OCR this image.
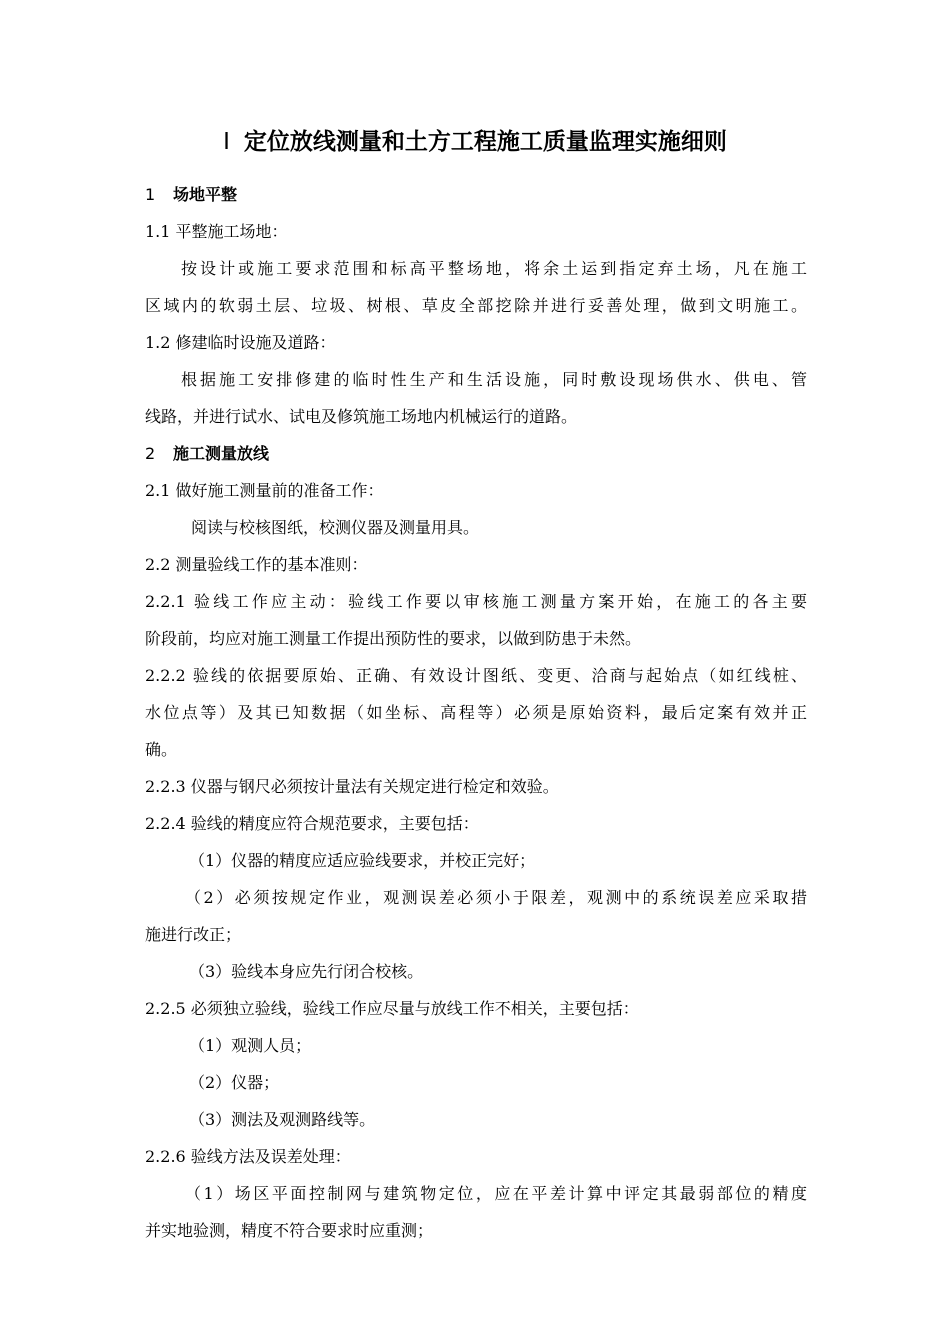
Ⅰ 定位放线测量和土方工程施工质量监理实施细则
1 场地平整
1.1 平整施工场地：
按设计或施工要求范围和标高平整场地，将余土运到指定弃土场，凡在施工
区域内的软弱土层、垃圾、树根、草皮全部挖除并进行妥善处理，做到文明施工。
1.2 修建临时设施及道路：
根据施工安排修建的临时性生产和生活设施，同时敷设现场供水、供电、管
线路，并进行试水、试电及修筑施工场地内机械运行的道路。
2 施工测量放线
2.1 做好施工测量前的准备工作：
阅读与校核图纸，校测仪器及测量用具。
2.2 测量验线工作的基本准则：
2.2.1 验线工作应主动：验线工作要以审核施工测量方案开始，在施工的各主要
阶段前，均应对施工测量工作提出预防性的要求，以做到防患于未然。
2.2.2 验线的依据要原始、正确、有效设计图纸、变更、洽商与起始点（如红线桩、
水位点等）及其已知数据（如坐标、高程等）必须是原始资料，最后定案有效并正
确。
2.2.3 仪器与钢尺必须按计量法有关规定进行检定和效验。
2.2.4 验线的精度应符合规范要求，主要包括：
（1）仪器的精度应适应验线要求，并校正完好；
（2）必须按规定作业，观测误差必须小于限差，观测中的系统误差应采取措
施进行改正；
（3）验线本身应先行闭合校核。
2.2.5 必须独立验线，验线工作应尽量与放线工作不相关，主要包括：
（1）观测人员；
（2）仪器；
（3）测法及观测路线等。
2.2.6 验线方法及误差处理：
（1）场区平面控制网与建筑物定位，应在平差计算中评定其最弱部位的精度
并实地验测，精度不符合要求时应重测；
